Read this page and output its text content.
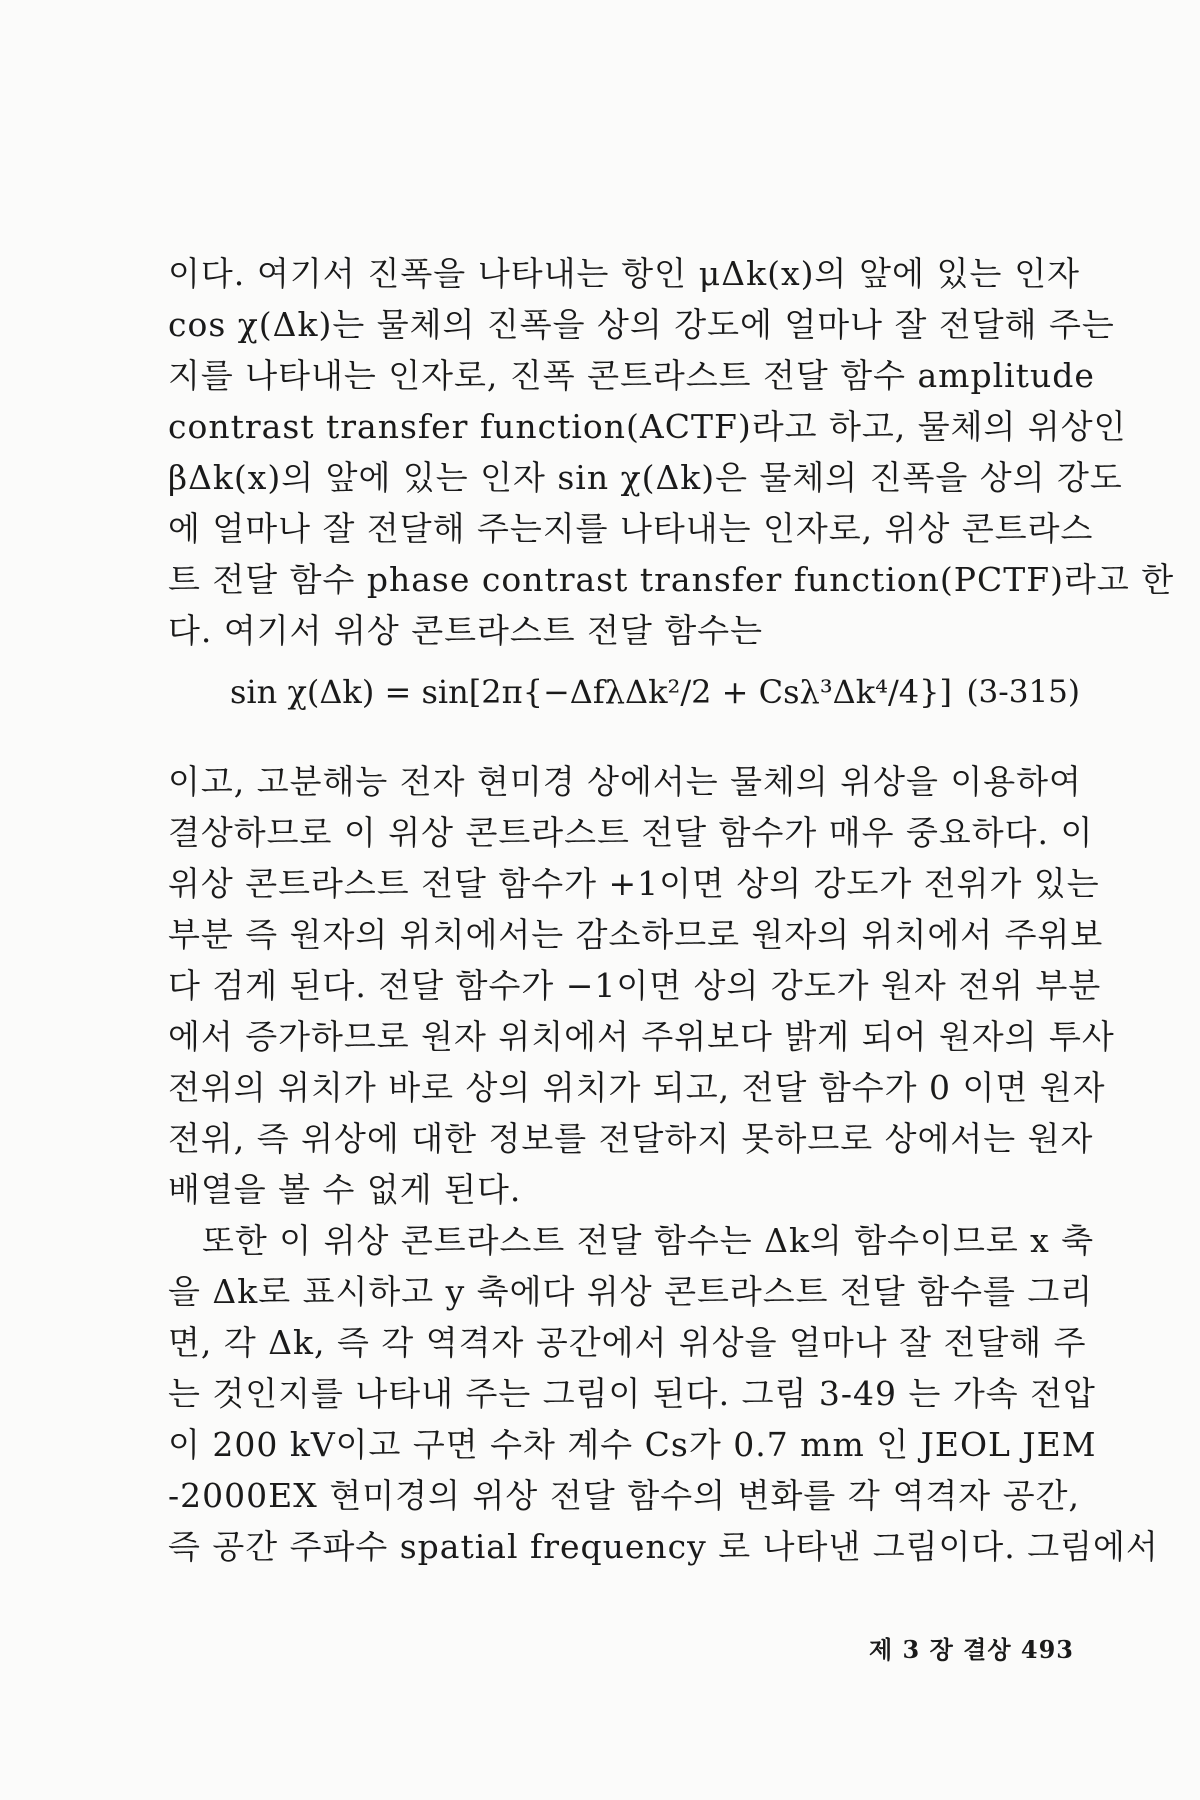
이다. 여기서 진폭을 나타내는 항인 μΔk(x)의 앞에 있는 인자
cos χ(Δk)는 물체의 진폭을 상의 강도에 얼마나 잘 전달해 주는
지를 나타내는 인자로, 진폭 콘트라스트 전달 함수 amplitude
contrast transfer function(ACTF)라고 하고, 물체의 위상인
βΔk(x)의 앞에 있는 인자 sin χ(Δk)은 물체의 진폭을 상의 강도
에 얼마나 잘 전달해 주는지를 나타내는 인자로, 위상 콘트라스
트 전달 함수 phase contrast transfer function(PCTF)라고 한
다. 여기서 위상 콘트라스트 전달 함수는
sin χ(Δk) = sin[2π{−ΔfλΔk²/2 + Csλ³Δk⁴/4}] (3-315)
이고, 고분해능 전자 현미경 상에서는 물체의 위상을 이용하여
결상하므로 이 위상 콘트라스트 전달 함수가 매우 중요하다. 이
위상 콘트라스트 전달 함수가 +1이면 상의 강도가 전위가 있는
부분 즉 원자의 위치에서는 감소하므로 원자의 위치에서 주위보
다 검게 된다. 전달 함수가 −1이면 상의 강도가 원자 전위 부분
에서 증가하므로 원자 위치에서 주위보다 밝게 되어 원자의 투사
전위의 위치가 바로 상의 위치가 되고, 전달 함수가 0 이면 원자
전위, 즉 위상에 대한 정보를 전달하지 못하므로 상에서는 원자
배열을 볼 수 없게 된다.
또한 이 위상 콘트라스트 전달 함수는 Δk의 함수이므로 x 축
을 Δk로 표시하고 y 축에다 위상 콘트라스트 전달 함수를 그리
면, 각 Δk, 즉 각 역격자 공간에서 위상을 얼마나 잘 전달해 주
는 것인지를 나타내 주는 그림이 된다. 그림 3-49 는 가속 전압
이 200 kV이고 구면 수차 계수 Cs가 0.7 mm 인 JEOL JEM
-2000EX 현미경의 위상 전달 함수의 변화를 각 역격자 공간,
즉 공간 주파수 spatial frequency 로 나타낸 그림이다. 그림에서
제 3 장 결상 493
